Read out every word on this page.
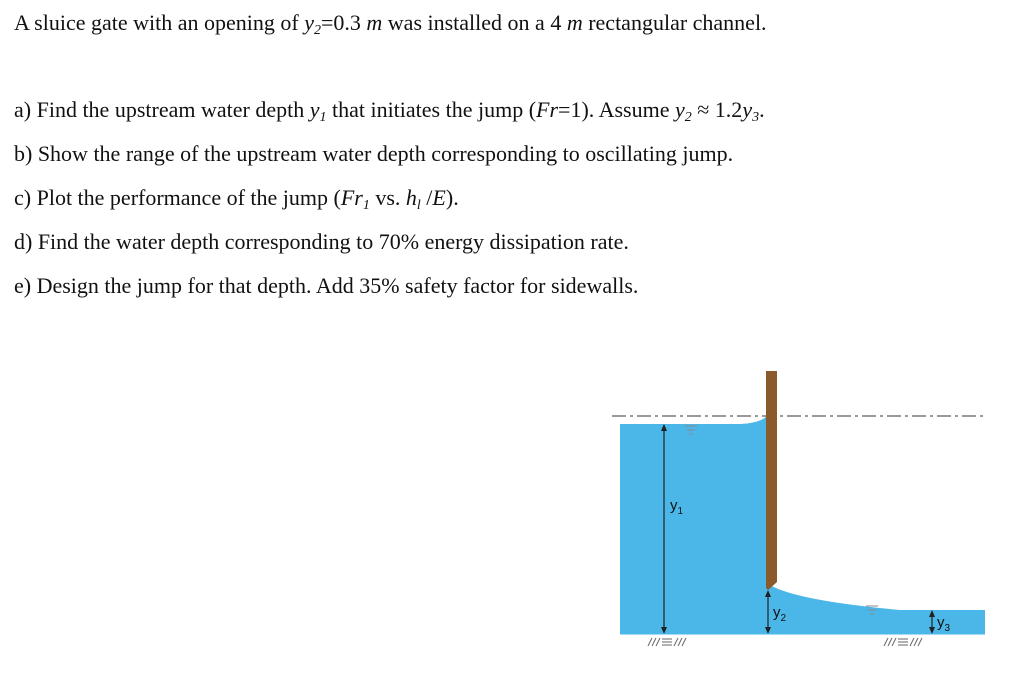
A sluice gate with an opening of $y_2=0.3$ m was installed on a 4 m rectangular channel.
a) Find the upstream water depth $y_1$ that initiates the jump (Fr=1). Assume $y_2 \approx 1.2y_3$.
b) Show the range of the upstream water depth corresponding to oscillating jump.
c) Plot the performance of the jump ($Fr_1$ vs. $h_l$ /E).
d) Find the water depth corresponding to 70% energy dissipation rate.
e) Design the jump for that depth. Add 35% safety factor for sidewalls.
$y_1$
$y_2$	$y_3$
